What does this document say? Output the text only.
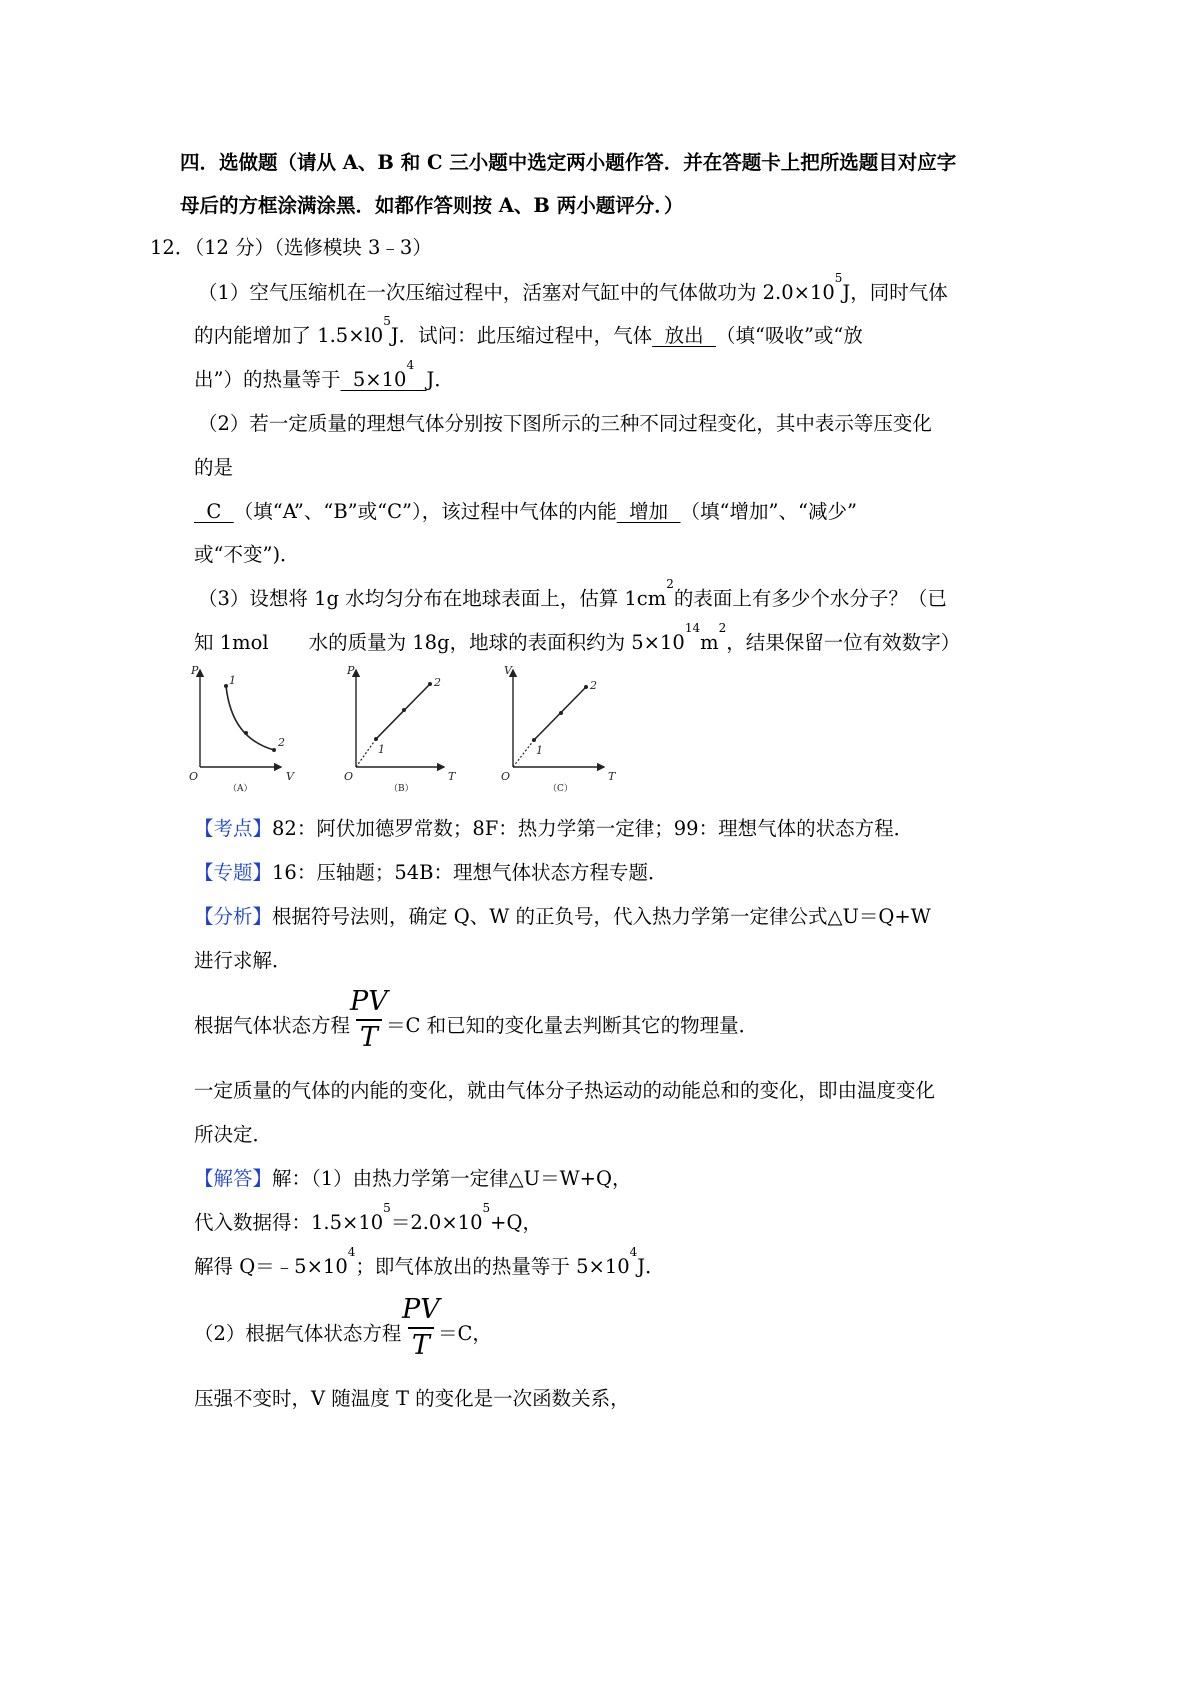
四．选做题（请从 A、B 和 C 三小题中选定两小题作答．并在答题卡上把所选题目对应字
母后的方框涂满涂黑．如都作答则按 A、B 两小题评分．）
12．（12 分）（选修模块 3﹣3）
（1）空气压缩机在一次压缩过程中，活塞对气缸中的气体做功为 $2.0\times 10^5J$，同时气体
的内能增加了 $1.5\times l0^5J$．试问：此压缩过程中，气体  放出  （填“吸收”或“放
出”）的热量等于  $5\times 10^4$  J．
（2）若一定质量的理想气体分别按下图所示的三种不同过程变化，其中表示等压变化
的是
C  （填“A”、“B”或“C”），该过程中气体的内能  增加  （填“增加”、“减少”
或“不变”)．
（3）设想将 1g 水均匀分布在地球表面上，估算 $1cm^2$的表面上有多少个水分子？（已
知 1mol 水的质量为 18g，地球的表面积约为 $5\times 10^{14}m^2$，结果保留一位有效数字）
P
V
O
1
2
（A）
P
T
O
1
2
（B）
V
T
O
1
2
（C）
【考点】82：阿伏加德罗常数；8F：热力学第一定律；99：理想气体的状态方程．
【专题】16：压轴题；54B：理想气体状态方程专题．
【分析】根据符号法则，确定 Q、W 的正负号，代入热力学第一定律公式△U＝Q+W
进行求解．
根据气体状态方程
$\frac{PV}{T}$
＝C 和已知的变化量去判断其它的物理量．
一定质量的气体的内能的变化，就由气体分子热运动的动能总和的变化，即由温度变化
所决定．
【解答】解：（1）由热力学第一定律△U＝W+Q，
代入数据得：$1.5\times 10^5=2.0\times 10^5+Q$，
解得 $Q=﹣5\times 10^4$；即气体放出的热量等于 $5\times 10^4J$．
（2）根据气体状态方程
$\frac{PV}{T}$
＝C，
压强不变时，V 随温度 T 的变化是一次函数关系，
